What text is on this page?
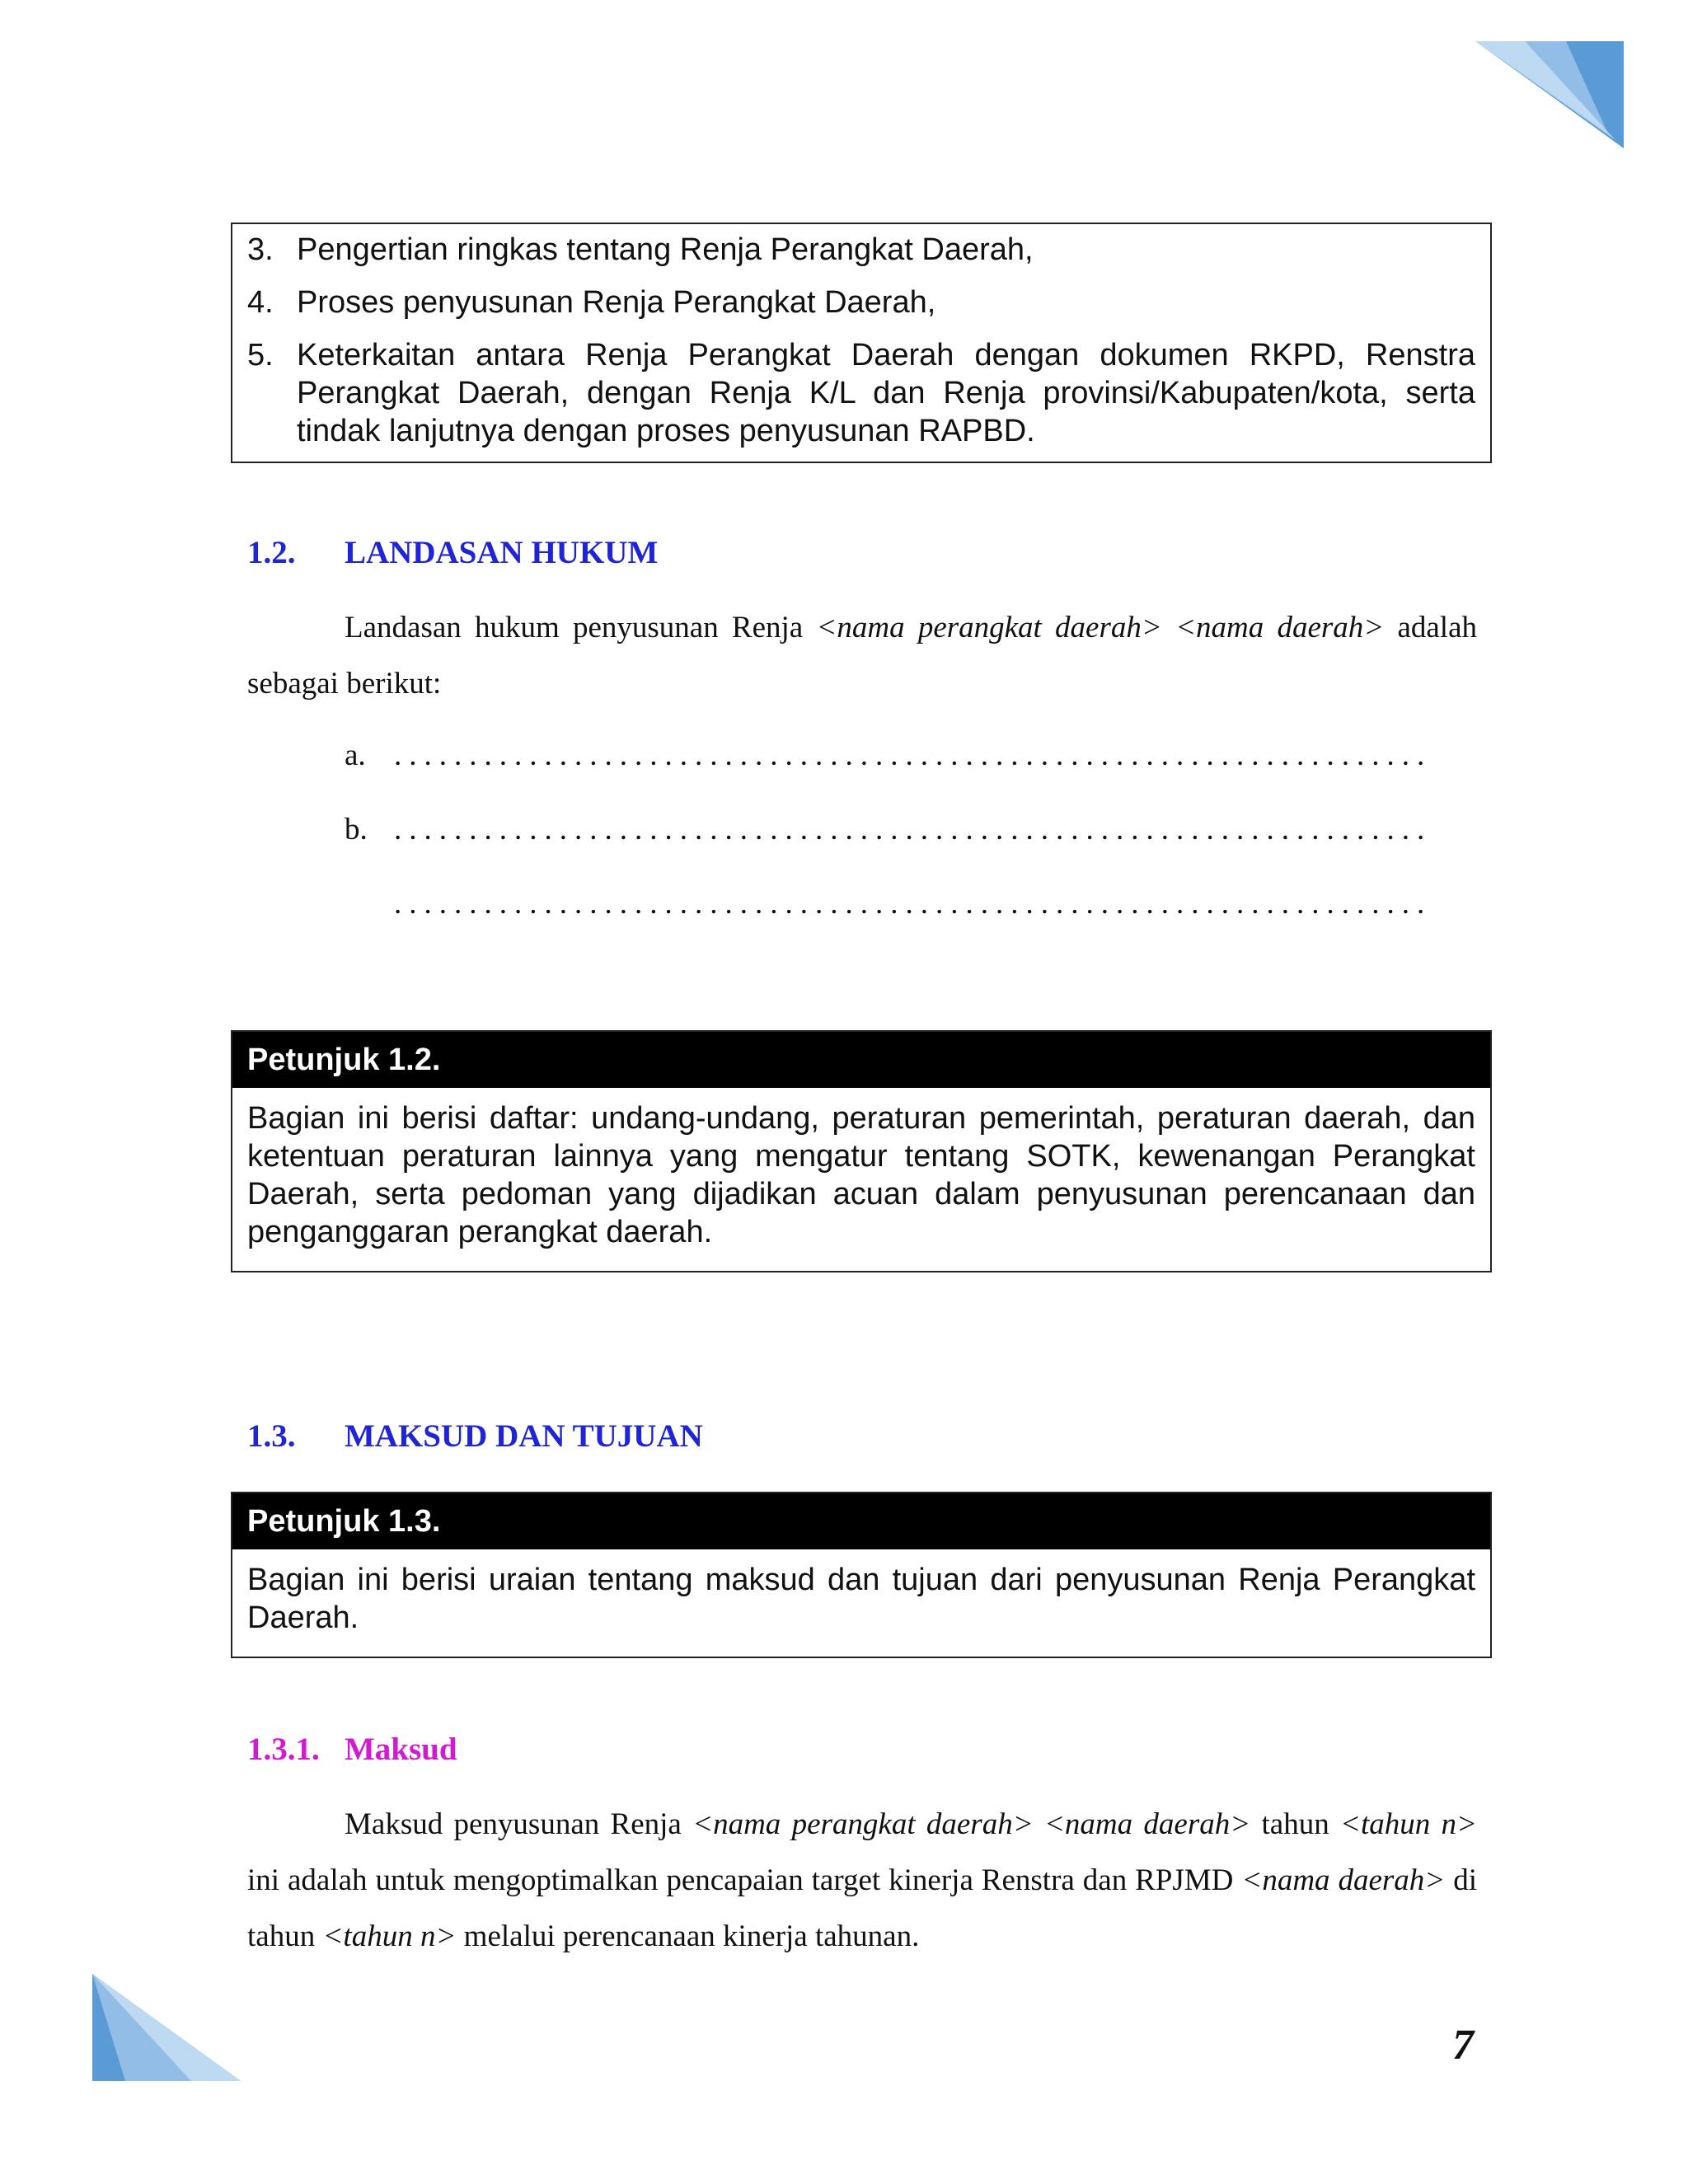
3. Pengertian ringkas tentang Renja Perangkat Daerah,
4. Proses penyusunan Renja Perangkat Daerah,
5. Keterkaitan antara Renja Perangkat Daerah dengan dokumen RKPD, Renstra Perangkat Daerah, dengan Renja K/L dan Renja provinsi/Kabupaten/kota, serta tindak lanjutnya dengan proses penyusunan RAPBD.
1.2.	LANDASAN HUKUM
Landasan hukum penyusunan Renja <nama perangkat daerah> <nama daerah> adalah sebagai berikut:
a. .....................................................................
b. .....................................................................
.....................................................................
Petunjuk 1.2.
Bagian ini berisi daftar: undang-undang, peraturan pemerintah, peraturan daerah, dan ketentuan peraturan lainnya yang mengatur tentang SOTK, kewenangan Perangkat Daerah, serta pedoman yang dijadikan acuan dalam penyusunan perencanaan dan penganggaran perangkat daerah.
1.3.	MAKSUD DAN TUJUAN
Petunjuk 1.3.
Bagian ini berisi uraian tentang maksud dan tujuan dari penyusunan Renja Perangkat Daerah.
1.3.1. Maksud
Maksud penyusunan Renja <nama perangkat daerah> <nama daerah> tahun <tahun n> ini adalah untuk mengoptimalkan pencapaian target kinerja Renstra dan RPJMD <nama daerah> di tahun <tahun n> melalui perencanaan kinerja tahunan.
7
